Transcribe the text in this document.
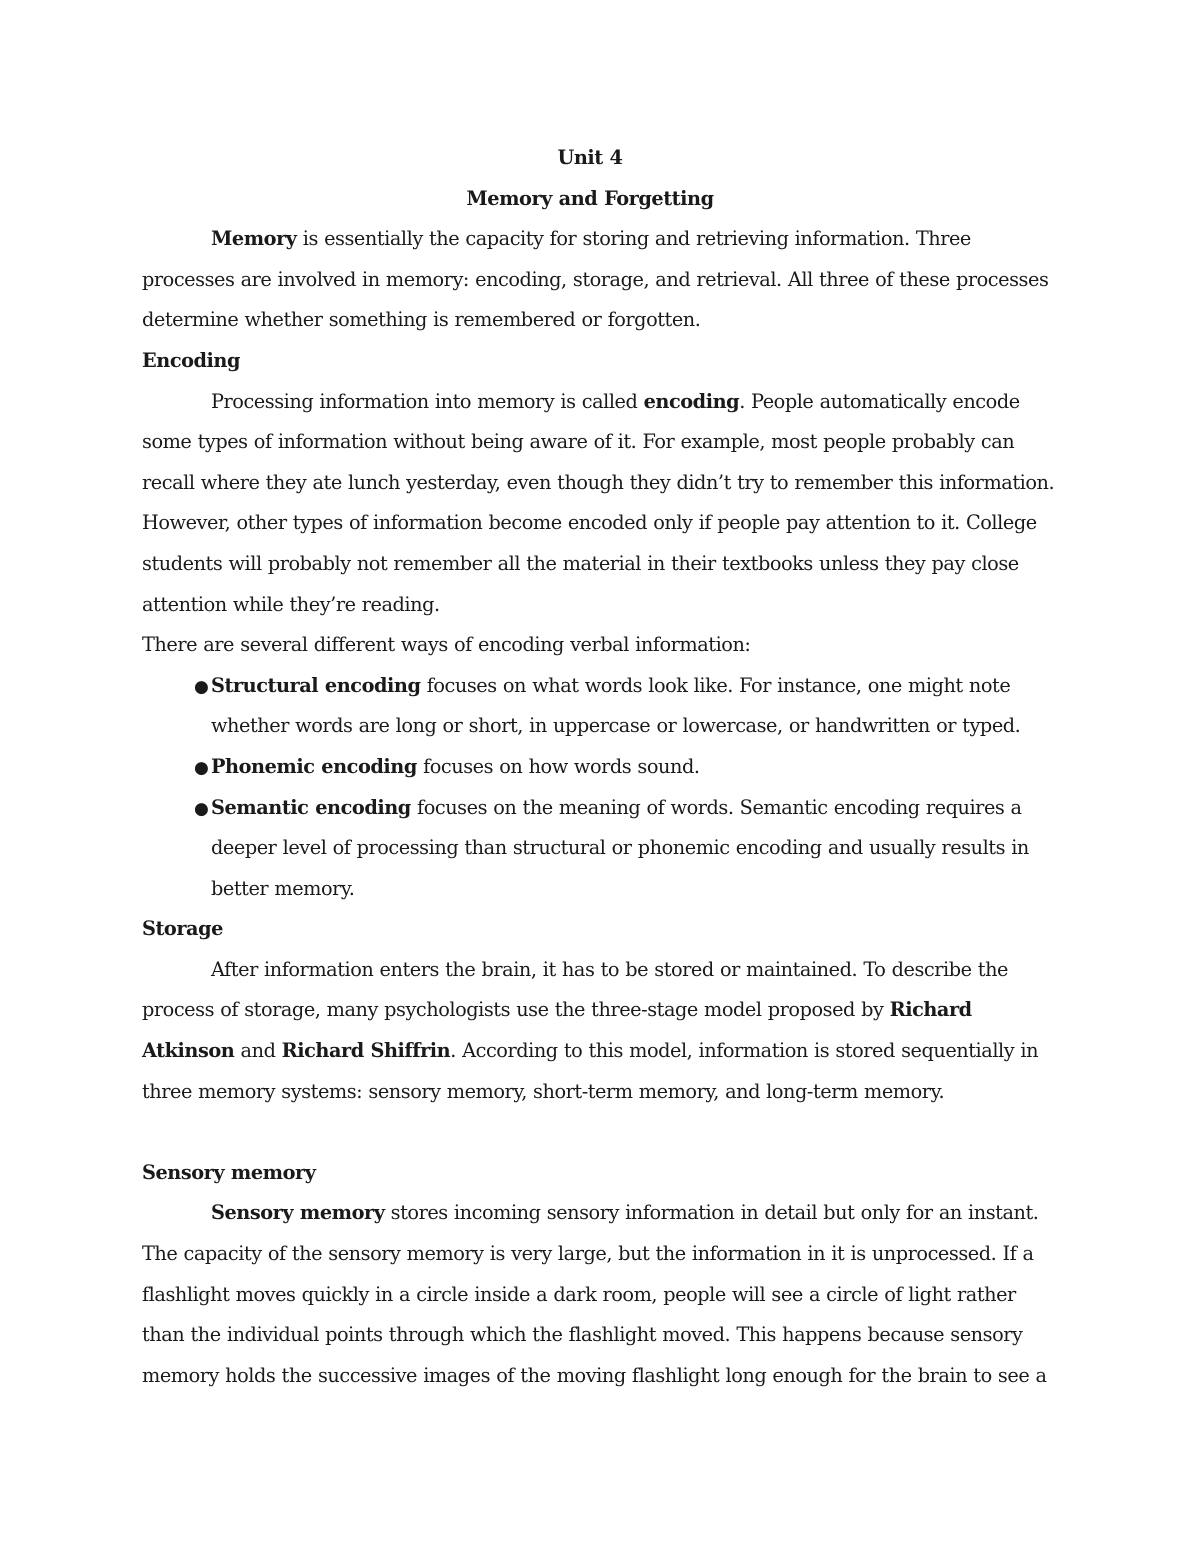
Unit 4
Memory and Forgetting
Memory is essentially the capacity for storing and retrieving information. Three
processes are involved in memory: encoding, storage, and retrieval. All three of these processes
determine whether something is remembered or forgotten.
Encoding
Processing information into memory is called encoding. People automatically encode
some types of information without being aware of it. For example, most people probably can
recall where they ate lunch yesterday, even though they didn’t try to remember this information.
However, other types of information become encoded only if people pay attention to it. College
students will probably not remember all the material in their textbooks unless they pay close
attention while they’re reading.
There are several different ways of encoding verbal information:
● Structural encoding focuses on what words look like. For instance, one might note
whether words are long or short, in uppercase or lowercase, or handwritten or typed.
● Phonemic encoding focuses on how words sound.
● Semantic encoding focuses on the meaning of words. Semantic encoding requires a
deeper level of processing than structural or phonemic encoding and usually results in
better memory.
Storage
After information enters the brain, it has to be stored or maintained. To describe the
process of storage, many psychologists use the three-stage model proposed by Richard
Atkinson and Richard Shiffrin. According to this model, information is stored sequentially in
three memory systems: sensory memory, short-term memory, and long-term memory.
Sensory memory
Sensory memory stores incoming sensory information in detail but only for an instant.
The capacity of the sensory memory is very large, but the information in it is unprocessed. If a
flashlight moves quickly in a circle inside a dark room, people will see a circle of light rather
than the individual points through which the flashlight moved. This happens because sensory
memory holds the successive images of the moving flashlight long enough for the brain to see a
